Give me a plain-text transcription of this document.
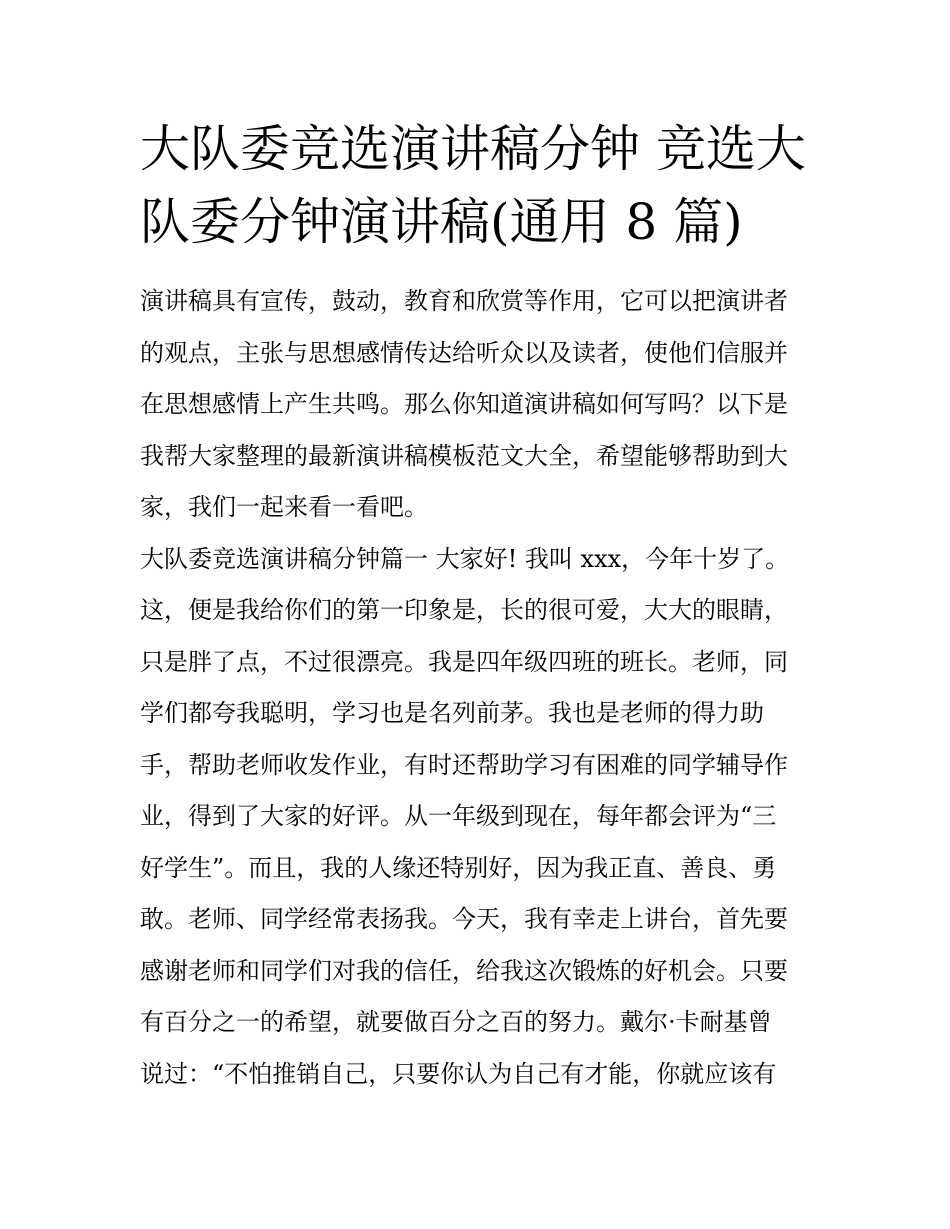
大队委竞选演讲稿分钟 竞选大
队委分钟演讲稿(通用 8 篇)
演讲稿具有宣传，鼓动，教育和欣赏等作用，它可以把演讲者
的观点，主张与思想感情传达给听众以及读者，使他们信服并
在思想感情上产生共鸣。那么你知道演讲稿如何写吗？以下是
我帮大家整理的最新演讲稿模板范文大全，希望能够帮助到大
家，我们一起来看一看吧。
大队委竞选演讲稿分钟篇一 大家好! 我叫 xxx，今年十岁了。
这，便是我给你们的第一印象是，长的很可爱，大大的眼睛，
只是胖了点，不过很漂亮。我是四年级四班的班长。老师，同
学们都夸我聪明，学习也是名列前茅。我也是老师的得力助
手，帮助老师收发作业，有时还帮助学习有困难的同学辅导作
业，得到了大家的好评。从一年级到现在，每年都会评为“三
好学生”。而且，我的人缘还特别好，因为我正直、善良、勇
敢。老师、同学经常表扬我。今天，我有幸走上讲台，首先要
感谢老师和同学们对我的信任，给我这次锻炼的好机会。只要
有百分之一的希望，就要做百分之百的努力。戴尔·卡耐基曾
说过：“不怕推销自己，只要你认为自己有才能，你就应该有
